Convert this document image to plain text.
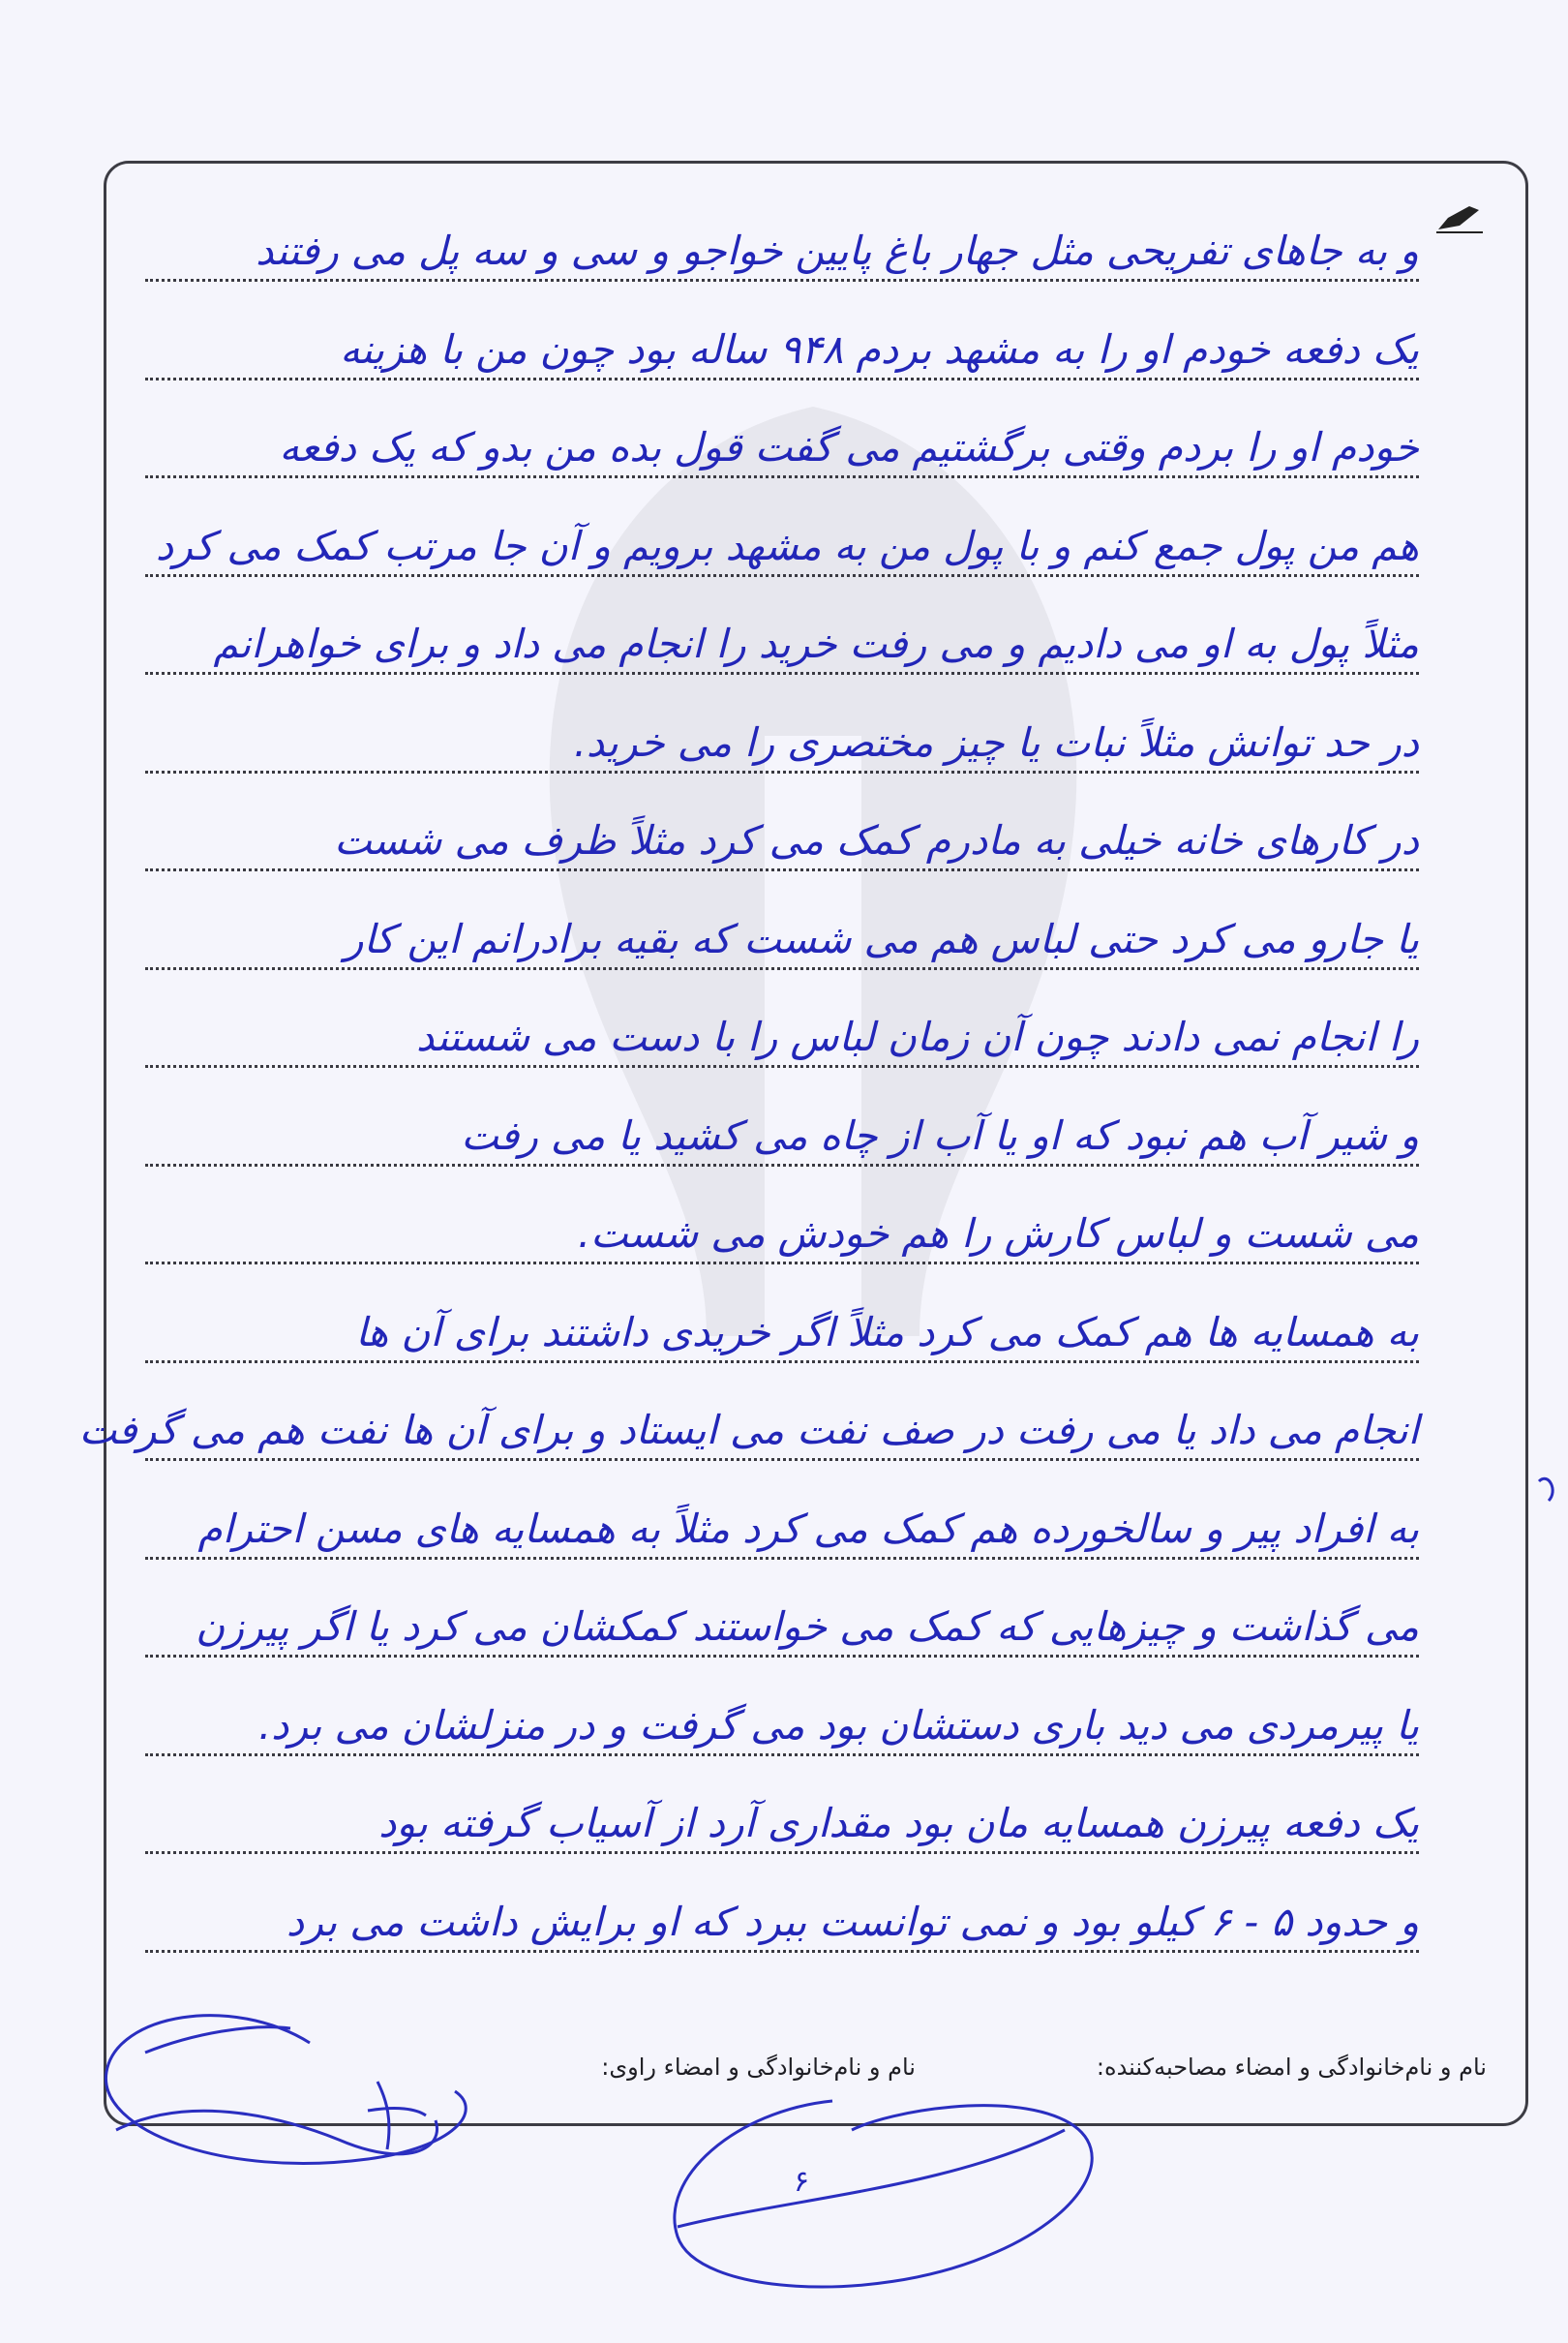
و به جاهای تفریحی مثل جهار باغ پایین خواجو و سی و سه پل می رفتند
یک دفعه خودم او را به مشهد بردم ۹۴۸ ساله بود چون من با هزینه
خودم او را بردم وقتی برگشتیم می گفت قول بده من بدو که یک دفعه
هم من پول جمع کنم و با پول من به مشهد برویم و آن جا مرتب کمک می کرد
مثلاً پول به او می دادیم و می رفت خرید را انجام می داد و برای خواهرانم
در حد توانش مثلاً نبات یا چیز مختصری را می خرید.
در کارهای خانه خیلی به مادرم کمک می کرد مثلاً ظرف می شست
یا جارو می کرد حتی لباس هم می شست که بقیه برادرانم این کار
را انجام نمی دادند چون آن زمان لباس را با دست می شستند
و شیر آب هم نبود که او یا آب از چاه می کشید یا می رفت
می شست و لباس کارش را هم خودش می شست.
به همسایه ها هم کمک می کرد مثلاً اگر خریدی داشتند برای آن ها
انجام می داد یا می رفت در صف نفت می ایستاد و برای آن ها نفت هم می گرفت
به افراد پیر و سالخورده هم کمک می کرد مثلاً به همسایه های مسن احترام
می گذاشت و چیزهایی که کمک می خواستند کمکشان می کرد یا اگر پیرزن
یا پیرمردی می دید باری دستشان بود می گرفت و در منزلشان می برد.
یک دفعه پیرزن همسایه مان بود مقداری آرد از آسیاب گرفته بود
و حدود ۵ - ۶ کیلو بود و نمی توانست ببرد که او برایش داشت می برد
نام و نام‌خانوادگی و امضاء مصاحبه‌کننده:
نام و نام‌خانوادگی و امضاء راوی:
۶
